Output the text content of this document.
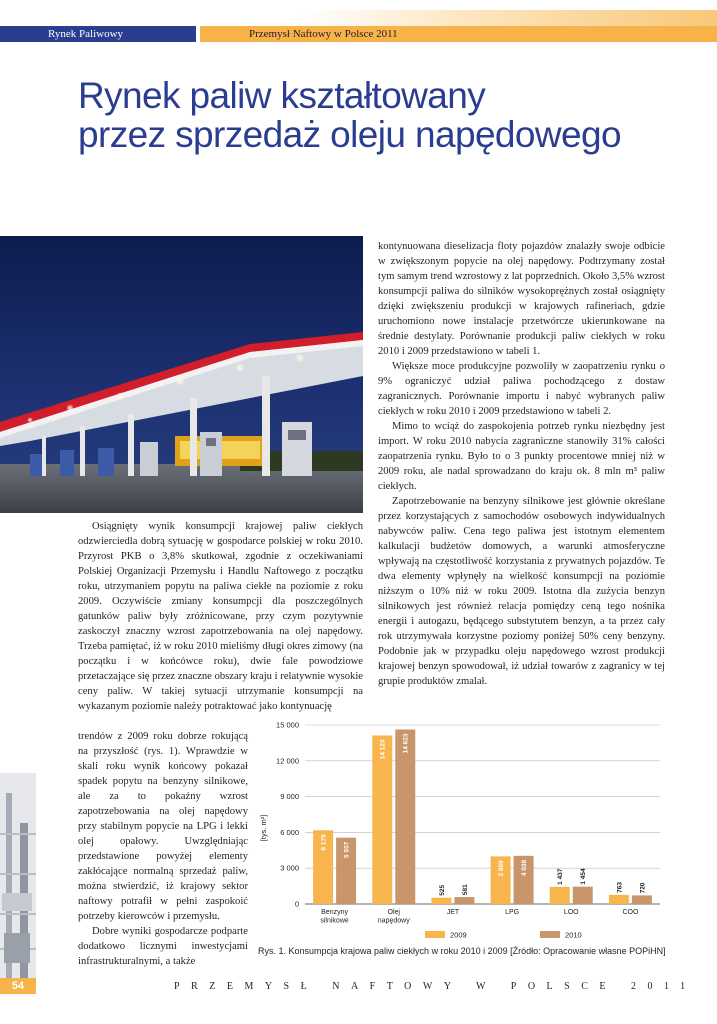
Rynek Paliwowy	Przemysł Naftowy w Polsce 2011
Rynek paliw kształtowany
przez sprzedaż oleju napędowego

kontynuowana dieselizacja floty pojazdów znalazły swoje odbicie w zwiększonym popycie na olej napędowy. Podtrzymany został tym samym trend wzrostowy z lat poprzednich. Około 3,5% wzrost konsumpcji paliwa do silników wysokoprężnych został osiągnięty dzięki zwiększeniu produkcji w krajowych rafineriach, gdzie uruchomiono nowe instalacje przetwórcze ukierunkowane na średnie destylaty. Porównanie produkcji paliw ciekłych w roku 2010 i 2009 przedstawiono w tabeli 1.

Większe moce produkcyjne pozwoliły w zaopatrzeniu rynku o 9% ograniczyć udział paliwa pochodzącego z dostaw zagranicznych. Porównanie importu i nabyć wybranych paliw ciekłych w roku 2010 i 2009 przedstawiono w tabeli 2.

Mimo to wciąż do zaspokojenia potrzeb rynku niezbędny jest import. W roku 2010 nabycia zagraniczne stanowiły 31% całości zaopatrzenia rynku. Było to o 3 punkty procentowe mniej niż w 2009 roku, ale nadal sprowadzano do kraju ok. 8 mln m³ paliw ciekłych.

Zapotrzebowanie na benzyny silnikowe jest głównie określane przez korzystających z samochodów osobowych indywidualnych nabywców paliw. Cena tego paliwa jest istotnym elementem kalkulacji budżetów domowych, a warunki atmosferyczne wpływają na częstotliwość korzystania z prywatnych pojazdów. Te dwa elementy wpłynęły na wielkość konsumpcji na poziomie niższym o 10% niż w roku 2009. Istotna dla zużycia benzyn silnikowych jest również relacja pomiędzy ceną tego nośnika energii i autogazu, będącego substytutem benzyn, a ta przez cały rok utrzymywała korzystne poziomy poniżej 50% ceny benzyny. Podobnie jak w przypadku oleju napędowego wzrost produkcji krajowej benzyn spowodował, iż udział towarów z zagranicy w tej grupie produktów zmalał.

Osiągnięty wynik konsumpcji krajowej paliw ciekłych odzwierciedla dobrą sytuację w gospodarce polskiej w roku 2010. Przyrost PKB o 3,8% skutkował, zgodnie z oczekiwaniami Polskiej Organizacji Przemysłu i Handlu Naftowego z początku roku, utrzymaniem popytu na paliwa ciekłe na poziomie z roku 2009. Oczywiście zmiany konsumpcji dla poszczególnych gatunków paliw były zróżnicowane, przy czym pozytywnie zaskoczył znaczny wzrost zapotrzebowania na olej napędowy. Trzeba pamiętać, iż w roku 2010 mieliśmy długi okres zimowy (na początku i w końcówce roku), dwie fale powodziowe przetaczające się przez znaczne obszary kraju i relatywnie wysokie ceny paliw. W takiej sytuacji utrzymanie konsumpcji na wykazanym poziomie należy potraktować jako kontynuację

trendów z 2009 roku dobrze rokującą na przyszłość (rys. 1). Wprawdzie w skali roku wynik końcowy pokazał spadek popytu na benzyny silnikowe, ale za to pokaźny wzrost zapotrzebowania na olej napędowy przy stabilnym popycie na LPG i lekki olej opałowy. Uwzględniając przedstawione powyżej elementy zakłócające normalną sprzedaż paliw, można stwierdzić, iż krajowy sektor naftowy potrafił w pełni zaspokoić potrzeby kierowców i przemysłu.

Dobre wyniki gospodarcze podparte dodatkowo licznymi inwestycjami infrastrukturalnymi, a także

54
0
3 000
6 000
9 000
12 000
15 000
6 178 5 557
Benzyny
silnikowe
14 123 14 623
Olej
napędowy
525 581
JET
3 989 4 038
LPG
1 437 1 454
LOO
763 720
COO
2009	2010
[tys. m³]
Rys. 1. Konsumpcja krajowa paliw ciekłych w roku 2010 i 2009 [Źródło: Opracowanie własne POPiHN]
PRZEMYSŁ NAFTOWY W POLSCE 2011
